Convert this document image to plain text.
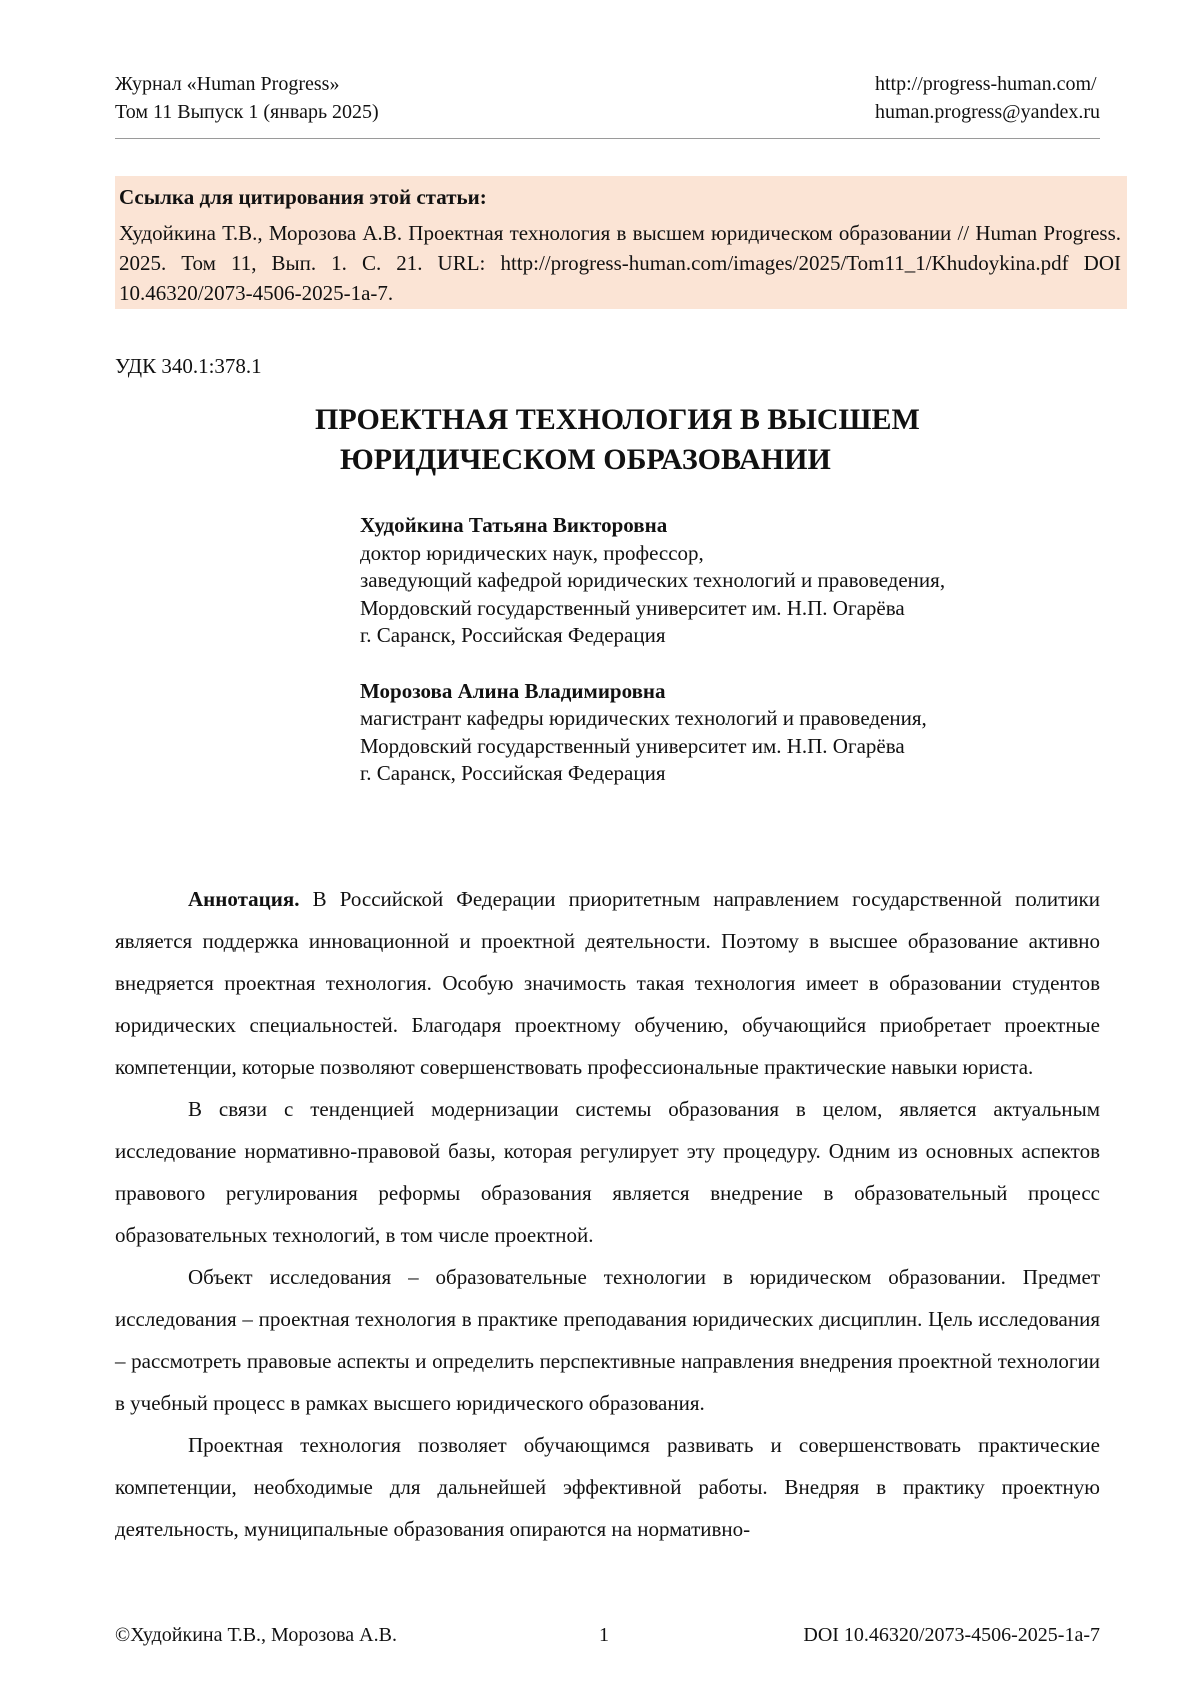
Журнал «Human Progress»
Том 11 Выпуск 1 (январь 2025)
http://progress-human.com/
human.progress@yandex.ru
Ссылка для цитирования этой статьи:
Худойкина Т.В., Морозова А.В. Проектная технология в высшем юридическом образовании // Human Progress. 2025. Том 11, Вып. 1. С. 21. URL: http://progress-human.com/images/2025/Tom11_1/Khudoykina.pdf DOI 10.46320/2073-4506-2025-1a-7.
УДК 340.1:378.1
ПРОЕКТНАЯ ТЕХНОЛОГИЯ В ВЫСШЕМ
ЮРИДИЧЕСКОМ ОБРАЗОВАНИИ
Худойкина Татьяна Викторовна
доктор юридических наук, профессор,
заведующий кафедрой юридических технологий и правоведения,
Мордовский государственный университет им. Н.П. Огарёва
г. Саранск, Российская Федерация
Морозова Алина Владимировна
магистрант кафедры юридических технологий и правоведения,
Мордовский государственный университет им. Н.П. Огарёва
г. Саранск, Российская Федерация

Аннотация. В Российской Федерации приоритетным направлением государственной политики является поддержка инновационной и проектной деятельности. Поэтому в высшее образование активно внедряется проектная технология. Особую значимость такая технология имеет в образовании студентов юридических специальностей. Благодаря проектному обучению, обучающийся приобретает проектные компетенции, которые позволяют совершенствовать профессиональные практические навыки юриста.

В связи с тенденцией модернизации системы образования в целом, является актуальным исследование нормативно-правовой базы, которая регулирует эту процедуру. Одним из основных аспектов правового регулирования реформы образования является внедрение в образовательный процесс образовательных технологий, в том числе проектной.

Объект исследования – образовательные технологии в юридическом образовании. Предмет исследования – проектная технология в практике преподавания юридических дисциплин. Цель исследования – рассмотреть правовые аспекты и определить перспективные направления внедрения проектной технологии в учебный процесс в рамках высшего юридического образования.

Проектная технология позволяет обучающимся развивать и совершенствовать практические компетенции, необходимые для дальнейшей эффективной работы. Внедряя в практику проектную деятельность, муниципальные образования опираются на нормативно-

©Худойкина Т.В., Морозова А.В.	1	DOI 10.46320/2073-4506-2025-1a-7
